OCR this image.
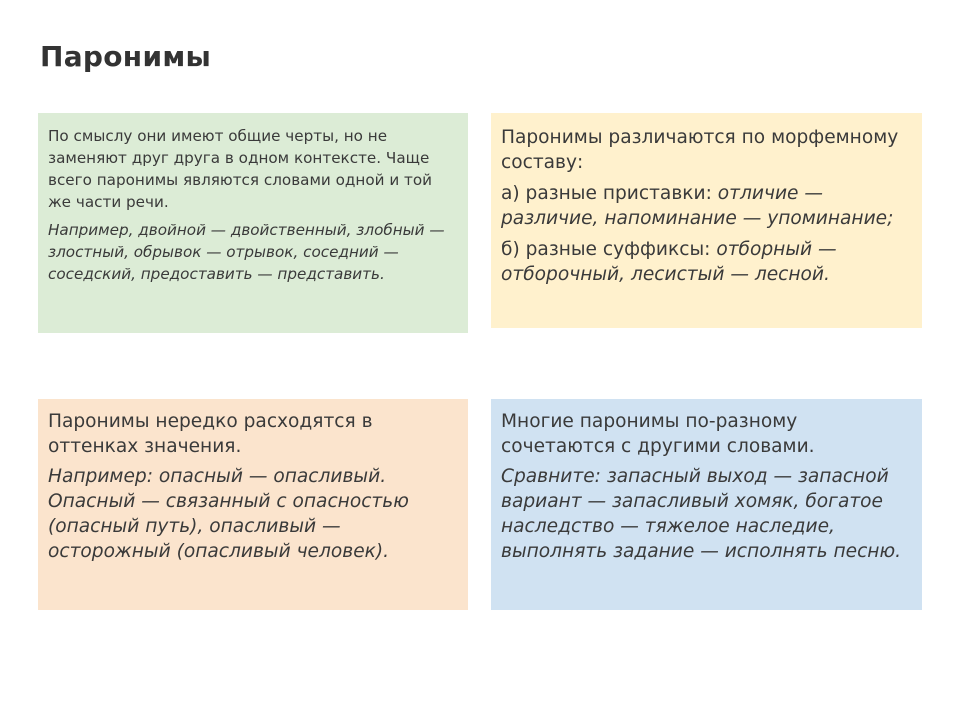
Паронимы

По смыслу они имеют общие черты, но не заменяют друг друга в одном контексте. Чаще всего паронимы являются словами одной и той же части речи.

Например, двойной — двойственный, злобный — злостный, обрывок — отрывок, соседний — соседский, предоставить — представить.

Паронимы различаются по морфемному составу:

а) разные приставки: отличие — различие, напоминание — упоминание;

б) разные суффиксы: отборный — отборочный, лесистый — лесной.

Паронимы нередко расходятся в оттенках значения.

Например: опасный — опасливый. Опасный — связанный с опасностью (опасный путь), опасливый — осторожный (опасливый человек).

Многие паронимы по-разному сочетаются с другими словами.

Сравните: запасный выход — запасной вариант — запасливый хомяк, богатое наследство — тяжелое наследие, выполнять задание — исполнять песню.
